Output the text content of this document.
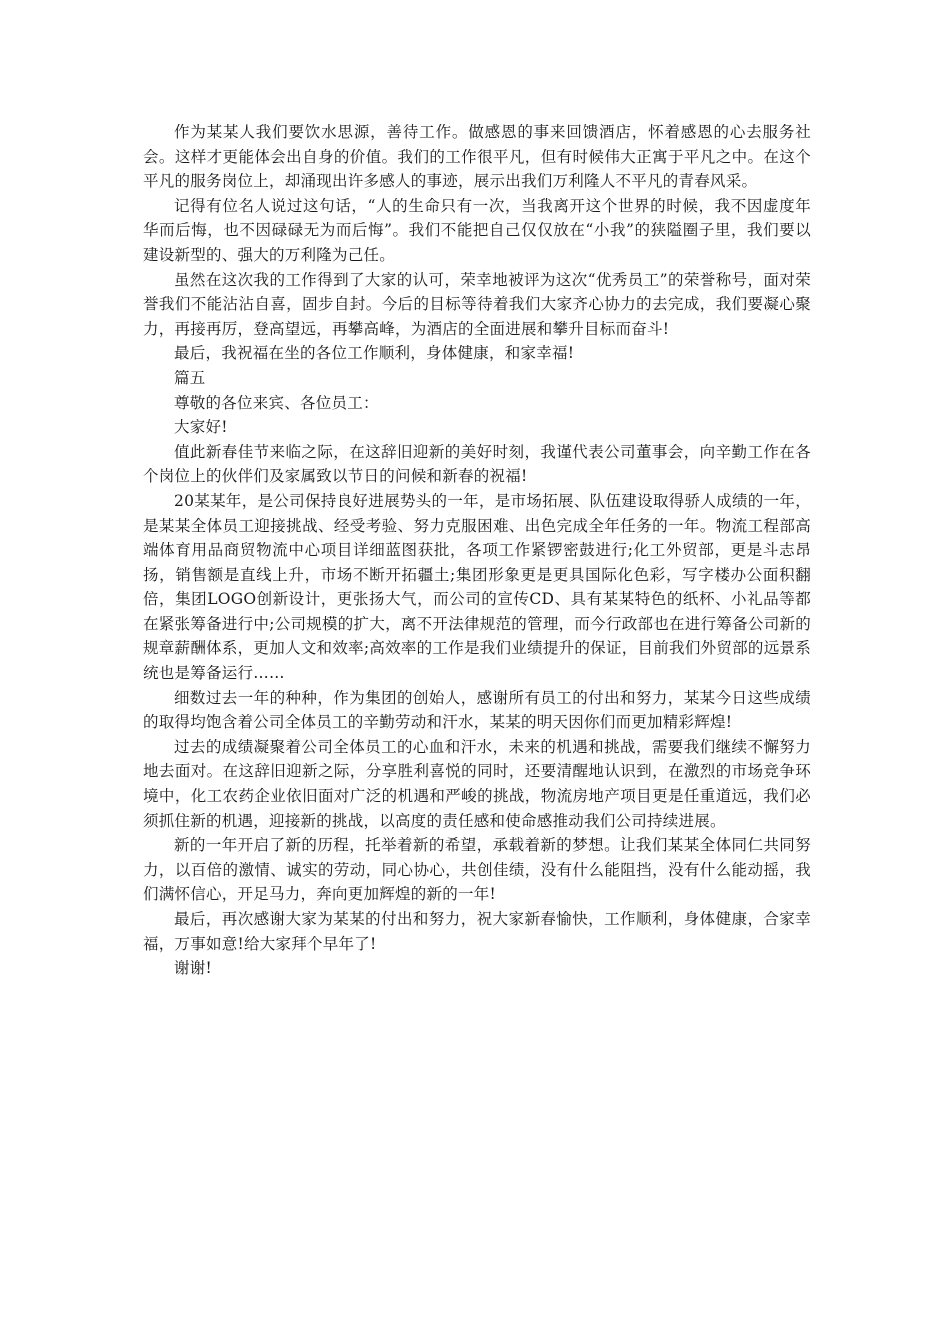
作为某某人我们要饮水思源，善待工作。做感恩的事来回馈酒店，怀着感恩的心去服务社会。这样才更能体会出自身的价值。我们的工作很平凡，但有时候伟大正寓于平凡之中。在这个平凡的服务岗位上，却涌现出许多感人的事迹，展示出我们万利隆人不平凡的青春风采。

记得有位名人说过这句话，“人的生命只有一次，当我离开这个世界的时候，我不因虚度年华而后悔，也不因碌碌无为而后悔”。我们不能把自己仅仅放在“小我”的狭隘圈子里，我们要以建设新型的、强大的万利隆为己任。

虽然在这次我的工作得到了大家的认可，荣幸地被评为这次“优秀员工”的荣誉称号，面对荣誉我们不能沾沾自喜，固步自封。今后的目标等待着我们大家齐心协力的去完成，我们要凝心聚力，再接再厉，登高望远，再攀高峰，为酒店的全面进展和攀升目标而奋斗!

最后，我祝福在坐的各位工作顺利，身体健康，和家幸福!

篇五

尊敬的各位来宾、各位员工：

大家好!

值此新春佳节来临之际，在这辞旧迎新的美好时刻，我谨代表公司董事会，向辛勤工作在各个岗位上的伙伴们及家属致以节日的问候和新春的祝福!

20某某年，是公司保持良好进展势头的一年，是市场拓展、队伍建设取得骄人成绩的一年，是某某全体员工迎接挑战、经受考验、努力克服困难、出色完成全年任务的一年。物流工程部高端体育用品商贸物流中心项目详细蓝图获批，各项工作紧锣密鼓进行;化工外贸部，更是斗志昂扬，销售额是直线上升，市场不断开拓疆土;集团形象更是更具国际化色彩，写字楼办公面积翻倍，集团LOGO创新设计，更张扬大气，而公司的宣传CD、具有某某特色的纸杯、小礼品等都在紧张筹备进行中;公司规模的扩大，离不开法律规范的管理，而今行政部也在进行筹备公司新的规章薪酬体系，更加人文和效率;高效率的工作是我们业绩提升的保证，目前我们外贸部的远景系统也是筹备运行……

细数过去一年的种种，作为集团的创始人，感谢所有员工的付出和努力，某某今日这些成绩的取得均饱含着公司全体员工的辛勤劳动和汗水，某某的明天因你们而更加精彩辉煌!

过去的成绩凝聚着公司全体员工的心血和汗水，未来的机遇和挑战，需要我们继续不懈努力地去面对。在这辞旧迎新之际，分享胜利喜悦的同时，还要清醒地认识到，在激烈的市场竞争环境中，化工农药企业依旧面对广泛的机遇和严峻的挑战，物流房地产项目更是任重道远，我们必须抓住新的机遇，迎接新的挑战，以高度的责任感和使命感推动我们公司持续进展。

新的一年开启了新的历程，托举着新的希望，承载着新的梦想。让我们某某全体同仁共同努力，以百倍的激情、诚实的劳动，同心协心，共创佳绩，没有什么能阻挡，没有什么能动摇，我们满怀信心，开足马力，奔向更加辉煌的新的一年!

最后，再次感谢大家为某某的付出和努力，祝大家新春愉快，工作顺利，身体健康，合家幸福，万事如意!给大家拜个早年了!

谢谢!
